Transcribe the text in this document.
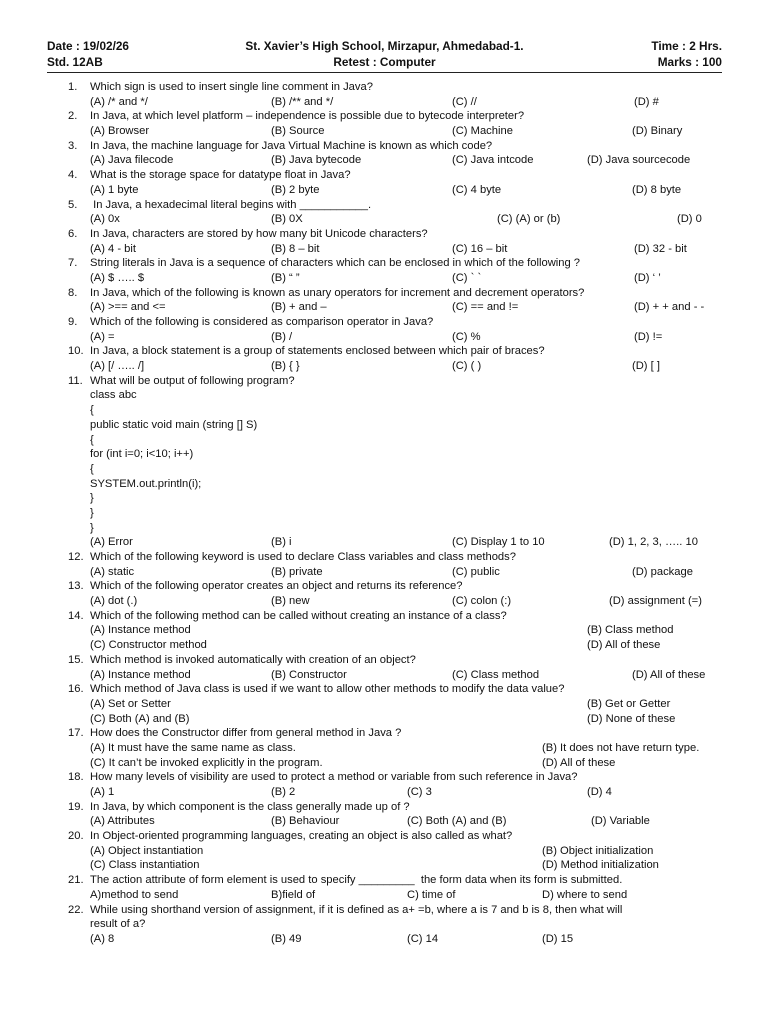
Date : 19/02/26	St. Xavier’s High School, Mirzapur, Ahmedabad-1.	Time : 2 Hrs.
Std. 12AB	Retest : Computer	Marks : 100
1. Which sign is used to insert single line comment in Java?
(A) /* and */	(B) /** and */	(C) //	(D) #
2. In Java, at which level platform – independence is possible due to bytecode interpreter?
(A) Browser	(B) Source	(C) Machine	(D) Binary
3. In Java, the machine language for Java Virtual Machine is known as which code?
(A) Java filecode	(B) Java bytecode	(C) Java intcode	(D) Java sourcecode
4. What is the storage space for datatype float in Java?
(A) 1 byte	(B) 2 byte	(C) 4 byte	(D) 8 byte
5. In Java, a hexadecimal literal begins with ___________.
(A) 0x	(B) 0X	(C) (A) or (b)	(D) 0
6. In Java, characters are stored by how many bit Unicode characters?
(A) 4 - bit	(B) 8 – bit	(C) 16 – bit	(D) 32 - bit
7. String literals in Java is a sequence of characters which can be enclosed in which of the following ?
(A) $ ….. $	(B) “ ”	(C) ` `	(D) ‘ ’
8. In Java, which of the following is known as unary operators for increment and decrement operators?
(A) >== and <=	(B) + and –	(C) == and !=	(D) + + and - -
9. Which of the following is considered as comparison operator in Java?
(A) =	(B) /	(C) %	(D) !=
10. In Java, a block statement is a group of statements enclosed between which pair of braces?
(A) [/ ….. /]	(B) { }	(C) ( )	(D) [ ]
11. What will be output of following program?
class abc
{
public static void main (string [] S)
{
for (int i=0; i<10; i++)
{
SYSTEM.out.println(i);
}
}
}
(A) Error	(B) i	(C) Display 1 to 10	(D) 1, 2, 3, ….. 10
12. Which of the following keyword is used to declare Class variables and class methods?
(A) static	(B) private	(C) public	(D) package
13. Which of the following operator creates an object and returns its reference?
(A) dot (.)	(B) new	(C) colon (:)	(D) assignment (=)
14. Which of the following method can be called without creating an instance of a class?
(A) Instance method	(B) Class method
(C) Constructor method	(D) All of these
15. Which method is invoked automatically with creation of an object?
(A) Instance method	(B) Constructor	(C) Class method	(D) All of these
16. Which method of Java class is used if we want to allow other methods to modify the data value?
(A) Set or Setter	(B) Get or Getter
(C) Both (A) and (B)	(D) None of these
17. How does the Constructor differ from general method in Java ?
(A) It must have the same name as class.	(B) It does not have return type.
(C) It can’t be invoked explicitly in the program.	(D) All of these
18. How many levels of visibility are used to protect a method or variable from such reference in Java?
(A) 1	(B) 2	(C) 3	(D) 4
19. In Java, by which component is the class generally made up of ?
(A) Attributes	(B) Behaviour	(C) Both (A) and (B)	(D) Variable
20. In Object-oriented programming languages, creating an object is also called as what?
(A) Object instantiation	(B) Object initialization
(C) Class instantiation	(D) Method initialization
21. The action attribute of form element is used to specify _________  the form data when its form is submitted.
A)method to send	B)field of	C) time of	D) where to send
22. While using shorthand version of assignment, if it is defined as a+ =b, where a is 7 and b is 8, then what will
result of a?
(A) 8	(B) 49	(C) 14	(D) 15
